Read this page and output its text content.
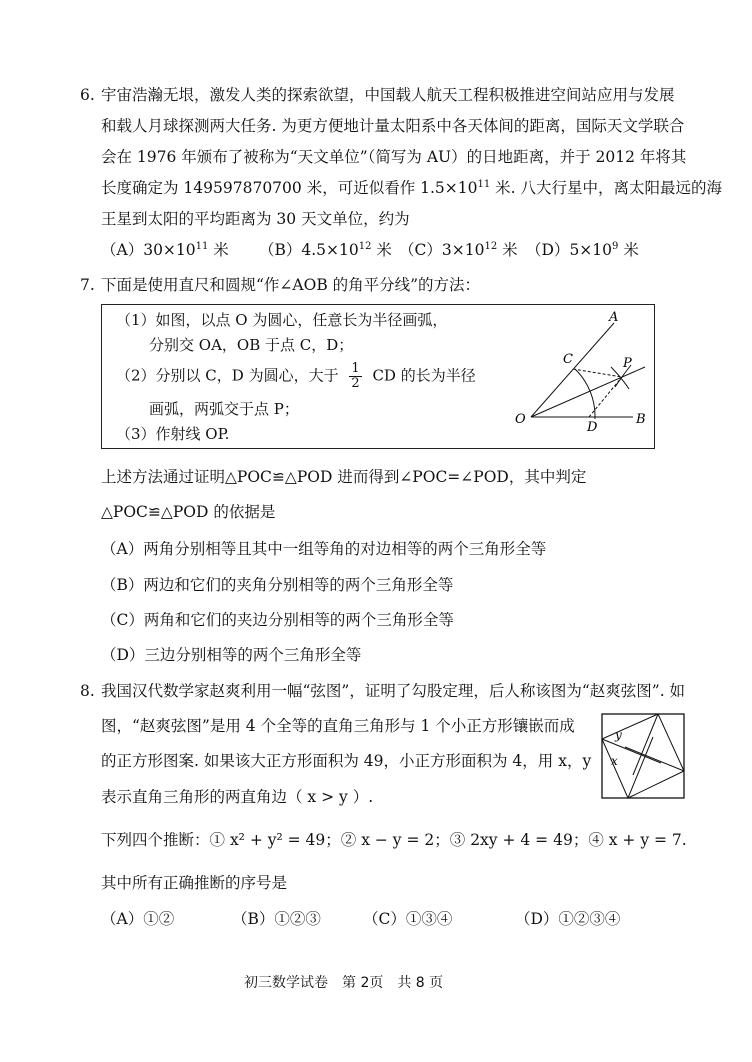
6. 宇宙浩瀚无垠，激发人类的探索欲望，中国载人航天工程积极推进空间站应用与发展
和载人月球探测两大任务. 为更方便地计量太阳系中各天体间的距离，国际天文学联合
会在 1976 年颁布了被称为“天文单位”（简写为 AU）的日地距离，并于 2012 年将其
长度确定为 149597870700 米，可近似看作 $1.5\times 10^{11}$ 米. 八大行星中，离太阳最远的海
王星到太阳的平均距离为 30 天文单位，约为
$(A)30\times 10^{11}$ 米 $(B)4.5\times 10^{12}$ 米 $(C)3\times 10^{12}$ 米 $(D)5\times 10^9$ 米
7. 下面是使用直尺和圆规“作∠AOB 的角平分线”的方法：
（1）如图，以点 O 为圆心，任意长为半径画弧，
分别交 OA，OB 于点 C，D；
（2）分别以 C，D 为圆心，大于 $\frac{1}{2}$ CD 的长为半径
画弧，两弧交于点 P；
（3）作射线 OP.
A
C	P
O
D
B
上述方法通过证明△POC≌△POD 进而得到∠POC=∠POD，其中判定
△POC≌△POD 的依据是
（A）两角分别相等且其中一组等角的对边相等的两个三角形全等
（B）两边和它们的夹角分别相等的两个三角形全等
（C）两角和它们的夹边分别相等的两个三角形全等
（D）三边分别相等的两个三角形全等
8. 我国汉代数学家赵爽利用一幅“弦图”，证明了勾股定理，后人称该图为“赵爽弦图”. 如
图，“赵爽弦图”是用 4 个全等的直角三角形与 1 个小正方形镶嵌而成
的正方形图案. 如果该大正方形面积为 49，小正方形面积为 4，用 x，y
表示直角三角形的两直角边（ x > y ）.
y
x
下列四个推断：① x² + y² = 49；② x − y = 2；③ 2xy + 4 = 49；④ x + y = 7.
其中所有正确推断的序号是
（A）①②	（B）①②③	（C）①③④	（D）①②③④
初三数学试卷　第 2页　共 8 页
